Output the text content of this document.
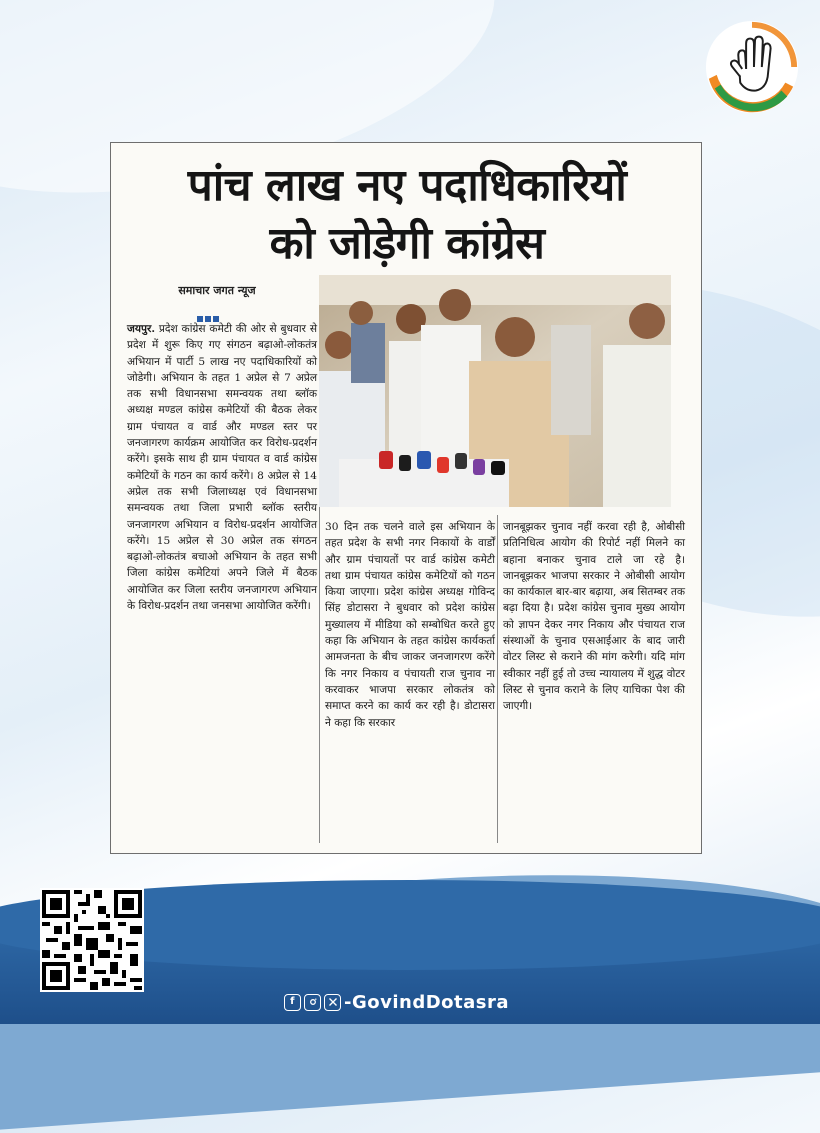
पांच लाख नए पदाधिकारियों
को जोड़ेगी कांग्रेस
समाचार जगत न्यूज
जयपुर. प्रदेश कांग्रेस कमेटी की ओर से बुधवार से प्रदेश में शुरू किए गए संगठन बढ़ाओ-लोकतंत्र अभियान में पार्टी 5 लाख नए पदाधिकारियों को जोडेगी। अभियान के तहत 1 अप्रेल से 7 अप्रेल तक सभी विधानसभा समन्वयक तथा ब्लॉक अध्यक्ष मण्डल कांग्रेस कमेटियों की बैठक लेकर ग्राम पंचायत व वार्ड और मण्डल स्तर पर जनजागरण कार्यक्रम आयोजित कर विरोध-प्रदर्शन करेंगे। इसके साथ ही ग्राम पंचायत व वार्ड कांग्रेस कमेटियों के गठन का कार्य करेंगे। 8 अप्रेल से 14 अप्रेल तक सभी जिलाध्यक्ष एवं विधानसभा समन्वयक तथा जिला प्रभारी ब्लॉक स्तरीय जनजागरण अभियान व विरोध-प्रदर्शन आयोजित करेंगे। 15 अप्रेल से 30 अप्रेल तक संगठन बढ़ाओ-लोकतंत्र बचाओ अभियान के तहत सभी जिला कांग्रेस कमेटियां अपने जिले में बैठक आयोजित कर जिला स्तरीय जनजागरण अभियान के विरोध-प्रदर्शन तथा जनसभा आयोजित करेंगी।
30 दिन तक चलने वाले इस अभियान के तहत प्रदेश के सभी नगर निकायों के वार्डों और ग्राम पंचायतों पर वार्ड कांग्रेस कमेटी तथा ग्राम पंचायत कांग्रेस कमेटियों को गठन किया जाएगा। प्रदेश कांग्रेस अध्यक्ष गोविन्द सिंह डोटासरा ने बुधवार को प्रदेश कांग्रेस मुख्यालय में मीडिया को सम्बोधित करते हुए कहा कि अभियान के तहत कांग्रेस कार्यकर्ता आमजनता के बीच जाकर जनजागरण करेंगे कि नगर निकाय व पंचायती राज चुनाव ना करवाकर भाजपा सरकार लोकतंत्र को समाप्त करने का कार्य कर रही है। डोटासरा ने कहा कि सरकार
जानबूझकर चुनाव नहीं करवा रही है, ओबीसी प्रतिनिधित्व आयोग की रिपोर्ट नहीं मिलने का बहाना बनाकर चुनाव टाले जा रहे है। जानबूझकर भाजपा सरकार ने ओबीसी आयोग का कार्यकाल बार-बार बढ़ाया, अब सितम्बर तक बढ़ा दिया है। प्रदेश कांग्रेस चुनाव मुख्य आयोग को ज्ञापन देकर नगर निकाय और पंचायत राज संस्थाओं के चुनाव एसआईआर के बाद जारी वोटर लिस्ट से कराने की मांग करेगी। यदि मांग स्वीकार नहीं हुई तो उच्च न्यायालय में शुद्ध वोटर लिस्ट से चुनाव कराने के लिए याचिका पेश की जाएगी।
f	-GovindDotasra
